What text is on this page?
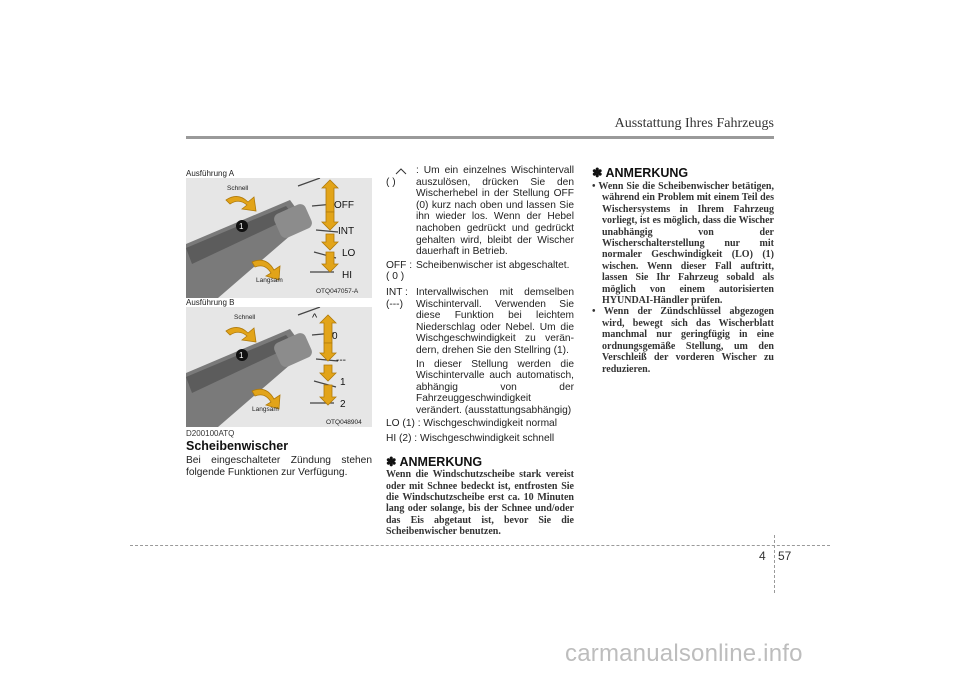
Ausstattung Ihres Fahrzeugs
Ausführung A
1
Schnell
Langsam
OFF
INT
LO
HI
OTQ047057-A
Ausführung B
^
1
Schnell
Langsam
0
---
1
2
OTQ048904
D200100ATQ
Scheibenwischer
Bei eingeschalteter Zündung stehen folgende Funktionen zur Verfügung.
( )
: Um ein einzelnes Wischintervall auszulösen, drücken Sie den Wischerhebel in der Stellung OFF (0) kurz nach oben und lassen Sie ihn wieder los. Wenn der Hebel nachoben gedrückt und gedrückt gehalten wird, bleibt der Wischer dauerhaft in Betrieb.
OFF :
( 0 )
Scheibenwischer ist abgeschaltet.
INT :
(---)
Intervallwischen mit demselben Wischintervall. Verwenden Sie diese Funktion bei leichtem Niederschlag oder Nebel. Um die Wischgeschwindigkeit zu verän-dern, drehen Sie den Stellring (1).
In dieser Stellung werden die Wischintervalle auch automatisch, abhängig von der Fahrzeuggeschwindigkeit verändert. (ausstattungsabhängig)
LO (1) : Wischgeschwindigkeit normal
HI (2) : Wischgeschwindigkeit schnell
✽ ANMERKUNG
Wenn die Windschutzscheibe stark vereist oder mit Schnee bedeckt ist, entfrosten Sie die Windschutzscheibe erst ca. 10 Minuten lang oder solange, bis der Schnee und/oder das Eis abgetaut ist, bevor Sie die Scheibenwischer benutzen.
✽ ANMERKUNG
• Wenn Sie die Scheibenwischer betätigen, während ein Problem mit einem Teil des Wischersystems in Ihrem Fahrzeug vorliegt, ist es möglich, dass die Wischer unabhängig von der Wischerschalterstellung nur mit normaler Geschwindigkeit (LO) (1) wischen. Wenn dieser Fall auftritt, lassen Sie Ihr Fahrzeug sobald als möglich von einem autorisierten HYUNDAI-Händler prüfen.
• Wenn der Zündschlüssel abgezogen wird, bewegt sich das Wischerblatt manchmal nur geringfügig in eine ordnungsgemäße Stellung, um den Verschleiß der vorderen Wischer zu reduzieren.
4 57
carmanualsonline.info
